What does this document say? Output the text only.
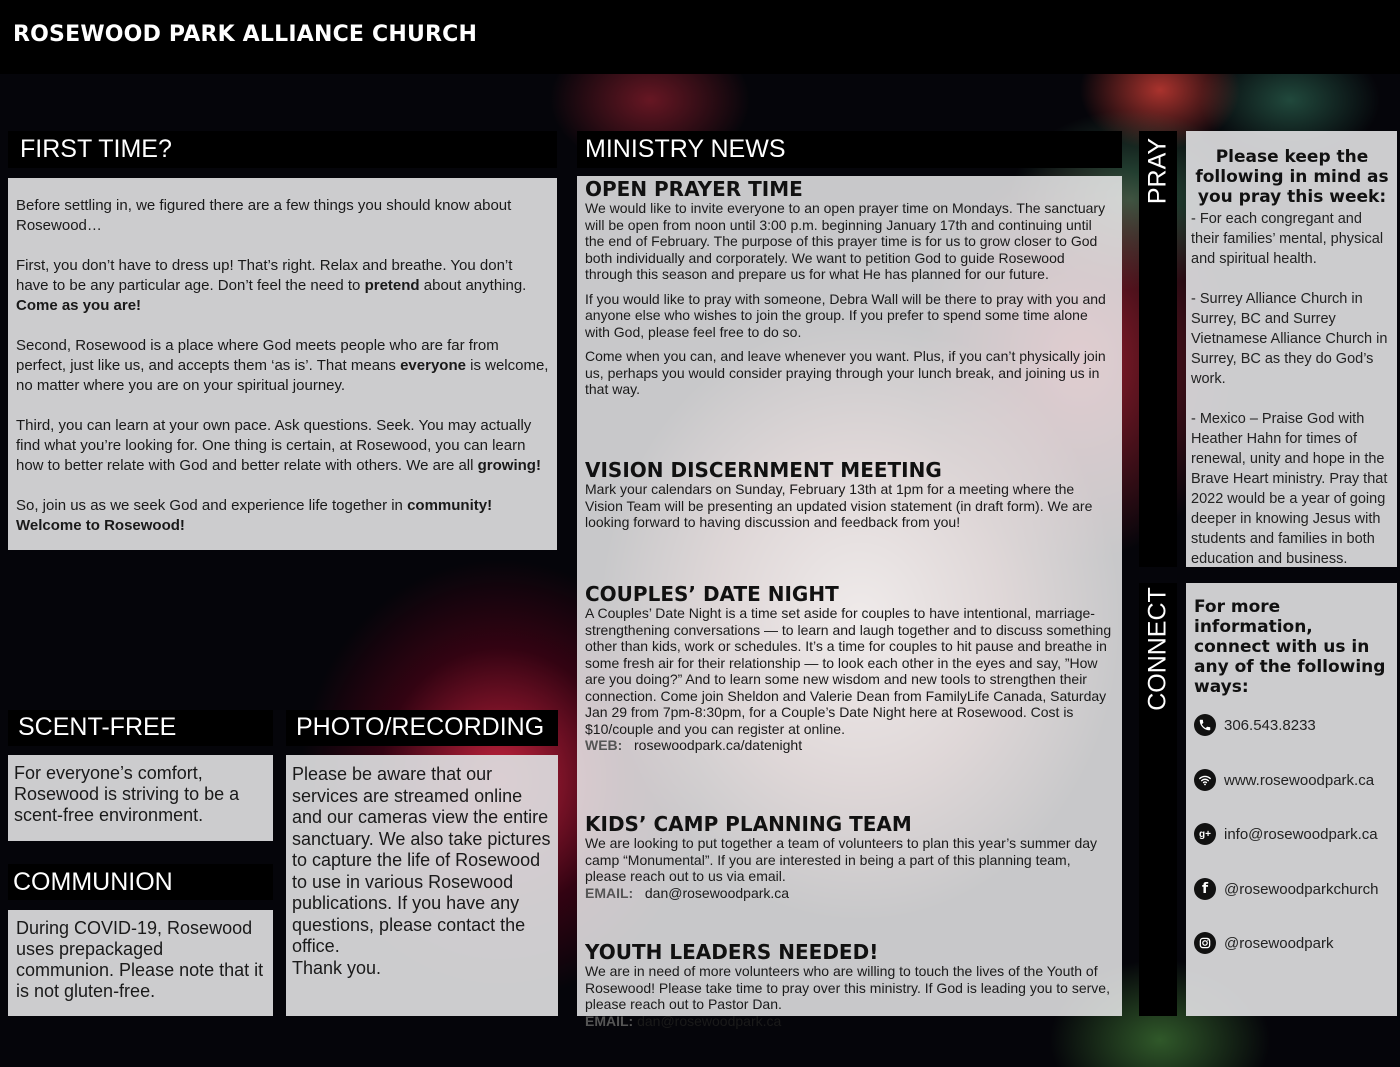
ROSEWOOD PARK ALLIANCE CHURCH
FIRST TIME?

Before settling in, we figured there are a few things you should know about Rosewood…

First, you don’t have to dress up! That’s right. Relax and breathe. You don’t have to be any particular age. Don’t feel the need to pretend about anything. Come as you are!

Second, Rosewood is a place where God meets people who are far from perfect, just like us, and accepts them ‘as is’. That means everyone is welcome, no matter where you are on your spiritual journey.

Third, you can learn at your own pace. Ask questions. Seek. You may actually find what you’re looking for. One thing is certain, at Rosewood, you can learn how to better relate with God and better relate with others. We are all growing!

So, join us as we seek God and experience life together in community!
Welcome to Rosewood!

SCENT-FREE
For everyone’s comfort, Rosewood is striving to be a scent-free environment.
COMMUNION
During COVID-19, Rosewood uses prepackaged communion. Please note that it is not gluten-free.
PHOTO/RECORDING
Please be aware that our services are streamed online and our cameras view the entire sanctuary. We also take pictures to capture the life of Rosewood to use in various Rosewood publications. If you have any questions, please contact the office.
Thank you.
MINISTRY NEWS

OPEN PRAYER TIME

We would like to invite everyone to an open prayer time on Mondays. The sanctuary will be open from noon until 3:00 p.m. beginning January 17th and continuing until the end of February. The purpose of this prayer time is for us to grow closer to God both individually and corporately. We want to petition God to guide Rosewood through this season and prepare us for what He has planned for our future.

If you would like to pray with someone, Debra Wall will be there to pray with you and anyone else who wishes to join the group. If you prefer to spend some time alone with God, please feel free to do so.

Come when you can, and leave whenever you want. Plus, if you can’t physically join us, perhaps you would consider praying through your lunch break, and joining us in that way.

VISION DISCERNMENT MEETING

Mark your calendars on Sunday, February 13th at 1pm for a meeting where the Vision Team will be presenting an updated vision statement (in draft form). We are looking forward to having discussion and feedback from you!

COUPLES’ DATE NIGHT

A Couples’ Date Night is a time set aside for couples to have intentional, marriage-strengthening conversations — to learn and laugh together and to discuss something other than kids, work or schedules. It’s a time for couples to hit pause and breathe in some fresh air for their relationship — to look each other in the eyes and say, ”How are you doing?” And to learn some new wisdom and new tools to strengthen their connection. Come join Sheldon and Valerie Dean from FamilyLife Canada, Saturday Jan 29 from 7pm-8:30pm, for a Couple’s Date Night here at Rosewood. Cost is $10/couple and you can register at online.

WEB: rosewoodpark.ca/datenight

KIDS’ CAMP PLANNING TEAM

We are looking to put together a team of volunteers to plan this year’s summer day camp “Monumental”. If you are interested in being a part of this planning team, please reach out to us via email.

EMAIL: dan@rosewoodpark.ca

YOUTH LEADERS NEEDED!

We are in need of more volunteers who are willing to touch the lives of the Youth of Rosewood! Please take time to pray over this ministry. If God is leading you to serve, please reach out to Pastor Dan.

EMAIL: dan@rosewoodpark.ca

PRAY	Please keep the following in mind as you pray this week:

- For each congregant and their families’ mental, physical and spiritual health.

- Surrey Alliance Church in Surrey, BC and Surrey Vietnamese Alliance Church in Surrey, BC as they do God’s work.

- Mexico – Praise God with Heather Hahn for times of renewal, unity and hope in the Brave Heart ministry. Pray that 2022 would be a year of going deeper in knowing Jesus with students and families in both education and business.

CONNECT For more information, connect with us in any of the following ways:

306.543.8233
www.rosewoodpark.ca
g+ info@rosewoodpark.ca
f	@rosewoodparkchurch
@rosewoodpark
